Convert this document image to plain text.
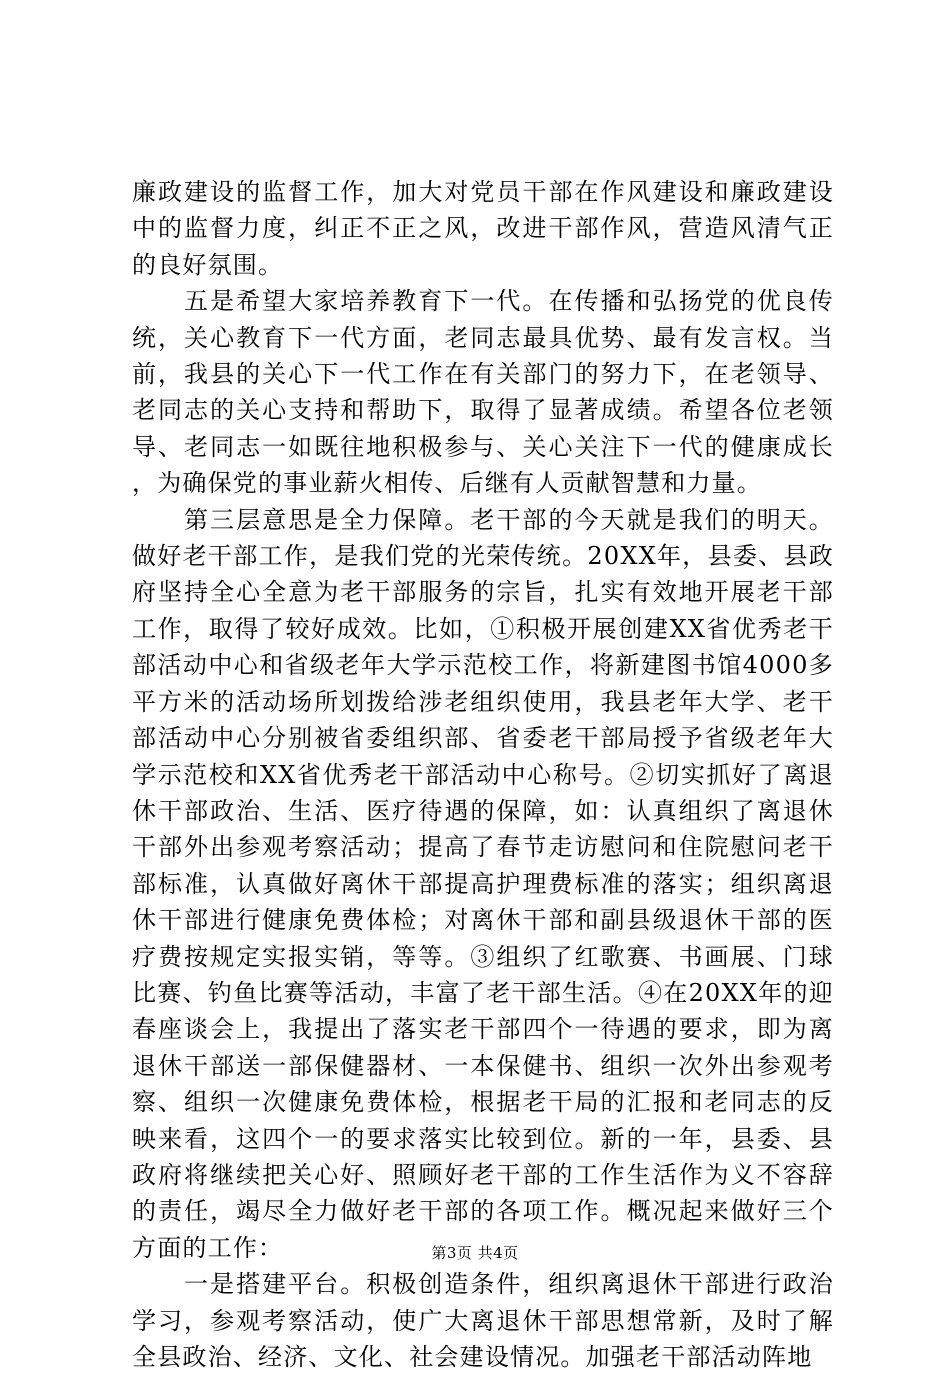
廉政建设的监督工作，加大对党员干部在作风建设和廉政建设中的监督力度，纠正不正之风，改进干部作风，营造风清气正的良好氛围。

五是希望大家培养教育下一代。在传播和弘扬党的优良传统，关心教育下一代方面，老同志最具优势、最有发言权。当前，我县的关心下一代工作在有关部门的努力下，在老领导、老同志的关心支持和帮助下，取得了显著成绩。希望各位老领导、老同志一如既往地积极参与、关心关注下一代的健康成长，为确保党的事业薪火相传、后继有人贡献智慧和力量。

第三层意思是全力保障。老干部的今天就是我们的明天。做好老干部工作，是我们党的光荣传统。20XX年，县委、县政府坚持全心全意为老干部服务的宗旨，扎实有效地开展老干部工作，取得了较好成效。比如，①积极开展创建XX省优秀老干部活动中心和省级老年大学示范校工作，将新建图书馆4000多平方米的活动场所划拨给涉老组织使用，我县老年大学、老干部活动中心分别被省委组织部、省委老干部局授予省级老年大学示范校和XX省优秀老干部活动中心称号。②切实抓好了离退休干部政治、生活、医疗待遇的保障，如：认真组织了离退休干部外出参观考察活动；提高了春节走访慰问和住院慰问老干部标准，认真做好离休干部提高护理费标准的落实；组织离退休干部进行健康免费体检；对离休干部和副县级退休干部的医疗费按规定实报实销，等等。③组织了红歌赛、书画展、门球比赛、钓鱼比赛等活动，丰富了老干部生活。④在20XX年的迎春座谈会上，我提出了落实老干部四个一待遇的要求，即为离退休干部送一部保健器材、一本保健书、组织一次外出参观考察、组织一次健康免费体检，根据老干局的汇报和老同志的反映来看，这四个一的要求落实比较到位。新的一年，县委、县政府将继续把关心好、照顾好老干部的工作生活作为义不容辞的责任，竭尽全力做好老干部的各项工作。概况起来做好三个方面的工作：

一是搭建平台。积极创造条件，组织离退休干部进行政治学习，参观考察活动，使广大离退休干部思想常新，及时了解全县政治、经济、文化、社会建设情况。加强老干部活动阵地

第3页 共4页
